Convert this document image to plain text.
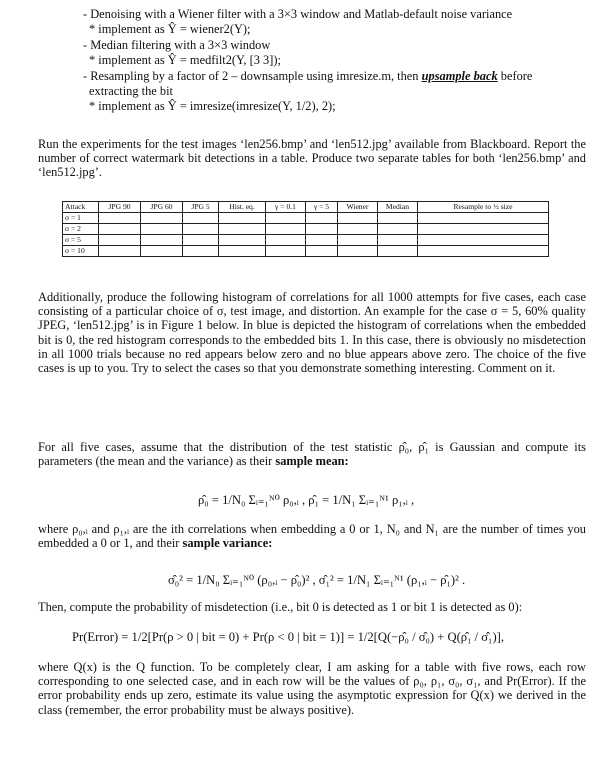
- Denoising with a Wiener filter with a 3×3 window and Matlab-default noise variance
* implement as Ŷ = wiener2(Y);
- Median filtering with a 3×3 window
* implement as Ŷ = medfilt2(Y, [3 3]);
- Resampling by a factor of 2 – downsample using imresize.m, then upsample back before
extracting the bit
* implement as Ŷ = imresize(imresize(Y, 1/2), 2);

Run the experiments for the test images ‘len256.bmp’ and ‘len512.jpg’ available from Blackboard. Report the number of correct watermark bit detections in a table. Produce two separate tables for both ‘len256.bmp’ and ‘len512.jpg’.

Attack	JPG 90	JPG 60	JPG 5	Hist. eq.	γ = 0.1	γ = 5	Wiener	Median	Resample to ½ size
σ = 1									
σ = 2									
σ = 5									
σ = 10									

Additionally, produce the following histogram of correlations for all 1000 attempts for five cases, each case consisting of a particular choice of σ, test image, and distortion. An example for the case σ = 5, 60% quality JPEG, ‘len512.jpg’ is in Figure 1 below. In blue is depicted the histogram of correlations when the embedded bit is 0, the red histogram corresponds to the embedded bits 1. In this case, there is obviously no misdetection in all 1000 trials because no red appears below zero and no blue appears above zero. The choice of the five cases is up to you. Try to select the cases so that you demonstrate something interesting. Comment on it.

For all five cases, assume that the distribution of the test statistic ρ̂₀, ρ̂₁ is Gaussian and compute its parameters (the mean and the variance) as their sample mean:

ρ̂₀ = 1/N₀ Σᵢ₌₁ᴺ⁰ ρ₀,ᵢ , ρ̂₁ = 1/N₁ Σᵢ₌₁ᴺ¹ ρ₁,ᵢ ,

where ρ₀,ᵢ and ρ₁,ᵢ are the ith correlations when embedding a 0 or 1, N₀ and N₁ are the number of times you embedded a 0 or 1, and their sample variance:

σ̂₀² = 1/N₀ Σᵢ₌₁ᴺ⁰ (ρ₀,ᵢ − ρ̂₀)² , σ̂₁² = 1/N₁ Σᵢ₌₁ᴺ¹ (ρ₁,ᵢ − ρ̂₁)² .

Then, compute the probability of misdetection (i.e., bit 0 is detected as 1 or bit 1 is detected as 0):

Pr(Error) = 1/2[Pr(ρ > 0 | bit = 0) + Pr(ρ < 0 | bit = 1)] = 1/2[Q(−ρ̂₀ / σ̂₀) + Q(ρ̂₁ / σ̂₁)],

where Q(x) is the Q function. To be completely clear, I am asking for a table with five rows, each row corresponding to one selected case, and in each row will be the values of ρ₀, ρ₁, σ₀, σ₁, and Pr(Error). If the error probability ends up zero, estimate its value using the asymptotic expression for Q(x) we derived in the class (remember, the error probability must be always positive).
